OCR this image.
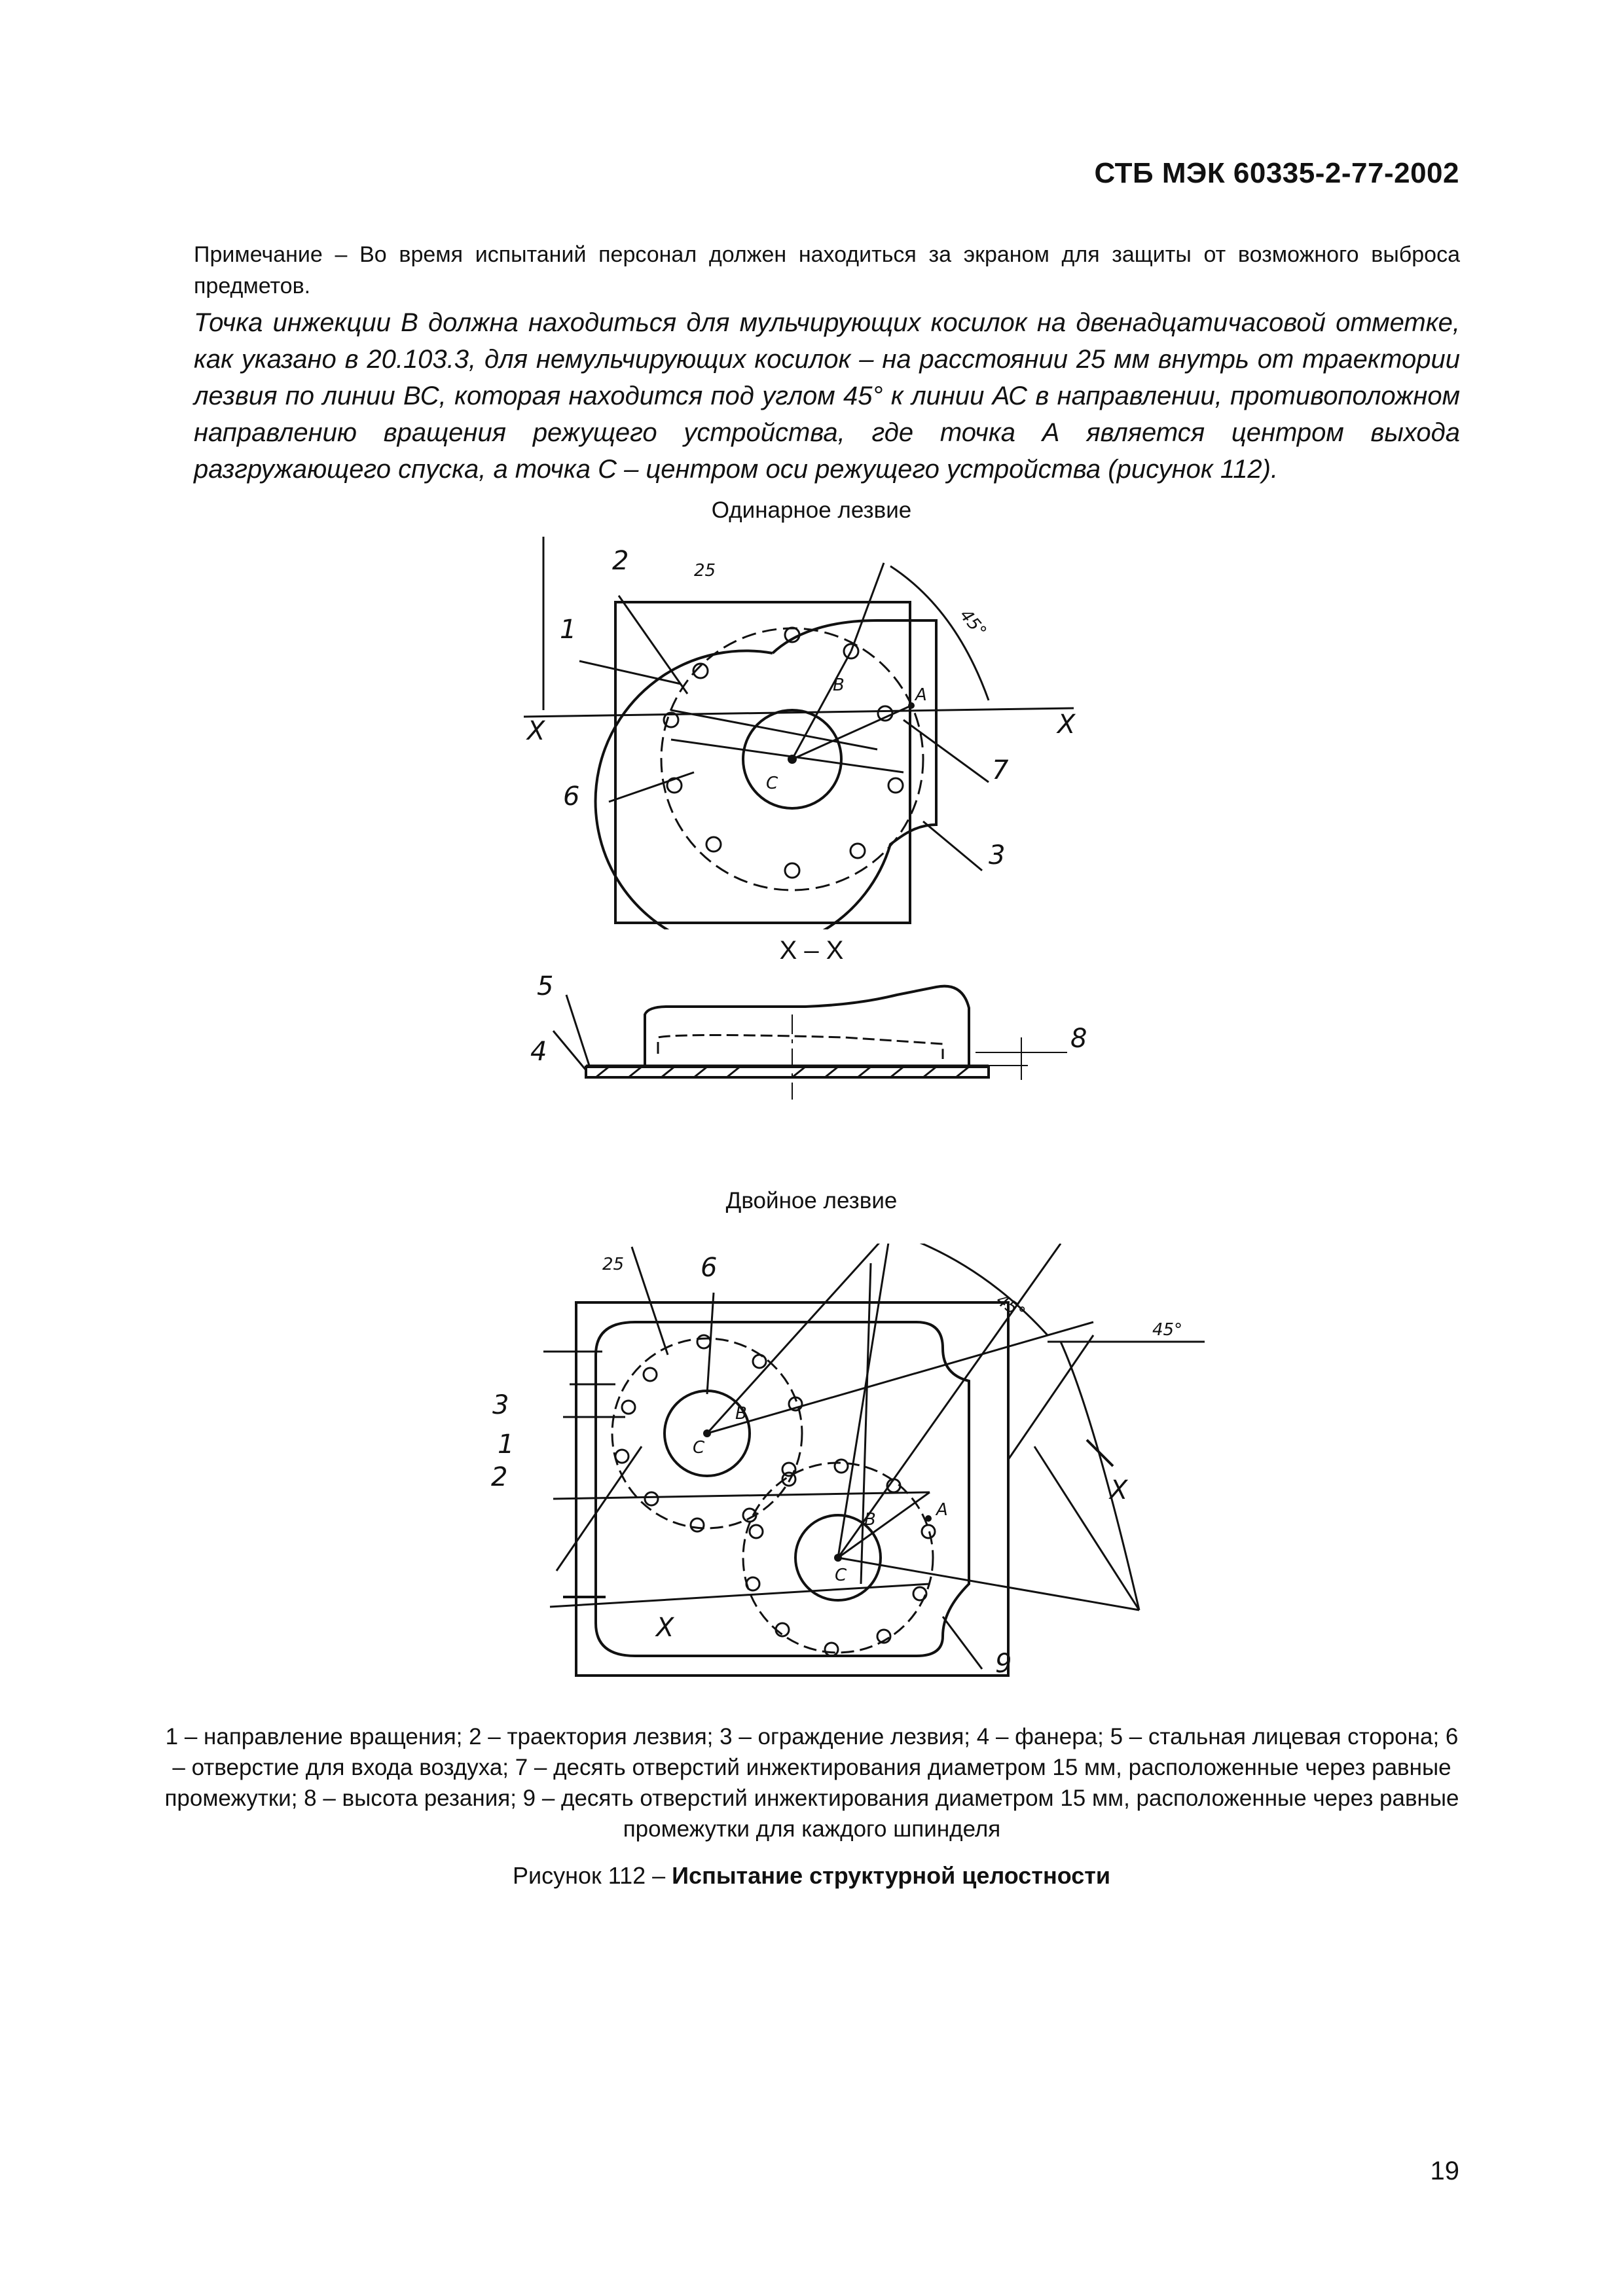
СТБ МЭК 60335-2-77-2002
Примечание – Во время испытаний персонал должен находиться за экраном для защиты от возможного выброса предметов.
Точка инжекции В должна находиться для мульчирующих косилок на двенадцатичасовой отметке, как указано в 20.103.3, для немульчирующих косилок – на расстоянии 25 мм внутрь от траектории лезвия по линии ВС, которая находится под углом 45° к линии АС в направлении, противоположном направлению вращения режущего устройства, где точка А является центром выхода разгружающего спуска, а точка С – центром оси режущего устройства (рисунок 112).
Одинарное лезвие
1
2
3
6
7
X	X
25
45°
A
B
C
X – X
5
4	8
Двойное лезвие
1
2
3
6
9
X
X
25
45°
45°
A
B
B
C
C
1 – направление вращения; 2 – траектория лезвия; 3 – ограждение лезвия; 4 – фанера; 5 – стальная лицевая сторона; 6 – отверстие для входа воздуха; 7 – десять отверстий инжектирования диаметром 15 мм, расположенные через равные промежутки; 8 – высота резания; 9 – десять отверстий инжектирования диаметром 15 мм, расположенные через равные промежутки для каждого шпинделя
Рисунок 112 – Испытание структурной целостности
19
